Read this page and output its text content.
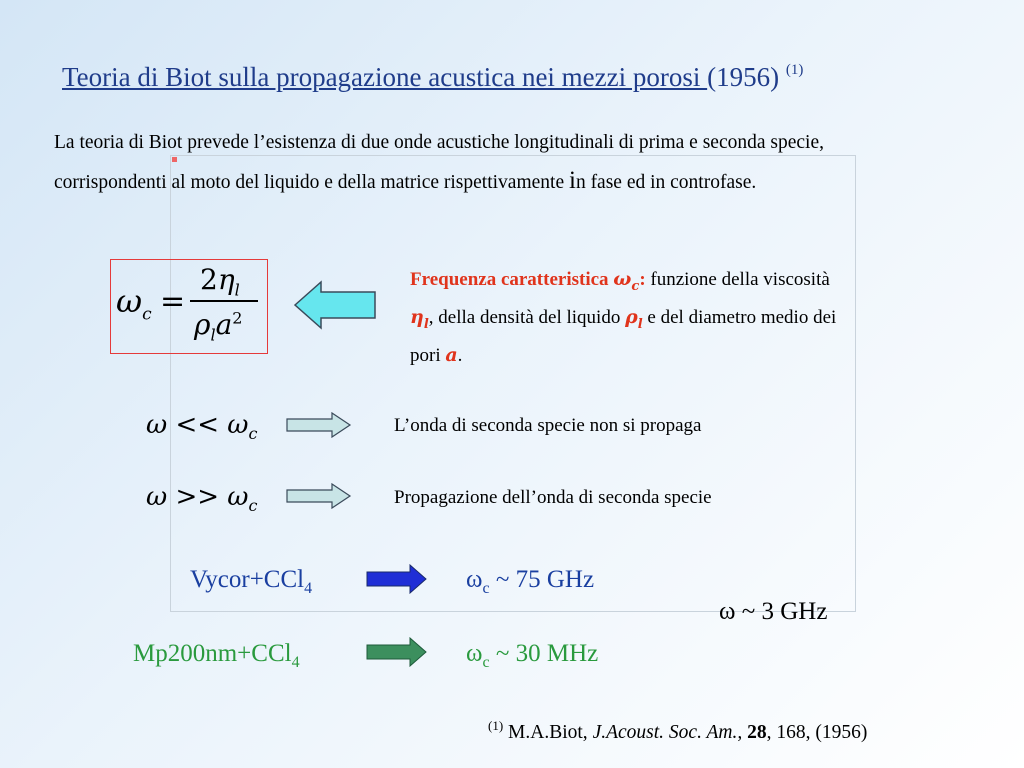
Teoria di Biot sulla propagazione acustica nei mezzi porosi (1956) $^{(1)}$
La teoria di Biot prevede l’esistenza di due onde acustiche longitudinali di prima e seconda specie, corrispondenti al moto del liquido e della matrice rispettivamente in fase ed in controfase.
$\omega_c$ =
$2\eta_l$
$\rho_la^2$
Frequenza caratteristica $\omega_c$: funzione della viscosità $\eta_l$, della densità del liquido $\rho_l$ e del diametro medio dei pori a.
$\omega << \omega_c$	L’onda di seconda specie non si propaga
$\omega >> \omega_c$	Propagazione dell’onda di seconda specie
Vycor+CCl$_4$	$\omega_c$ ~ 75 GHz
ω ~ 3 GHz
Mp200nm+CCl$_4$	$\omega_c$ ~ 30 MHz
$^{(1)}$ M.A.Biot, J.Acoust. Soc. Am., 28, 168, (1956)
